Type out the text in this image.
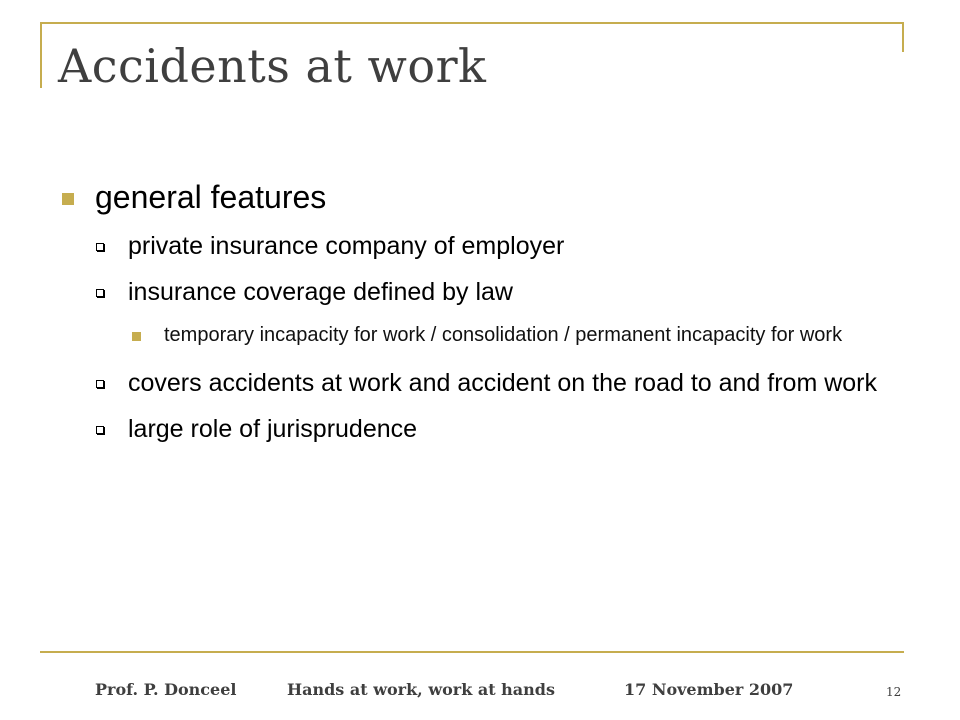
Accidents at work
general features
private insurance company of employer
insurance coverage defined by law
temporary incapacity for work / consolidation / permanent incapacity for work
covers accidents at work and accident on the road to and from work
large role of jurisprudence
Prof. P. Donceel	Hands at work, work at hands	17 November 2007	12
